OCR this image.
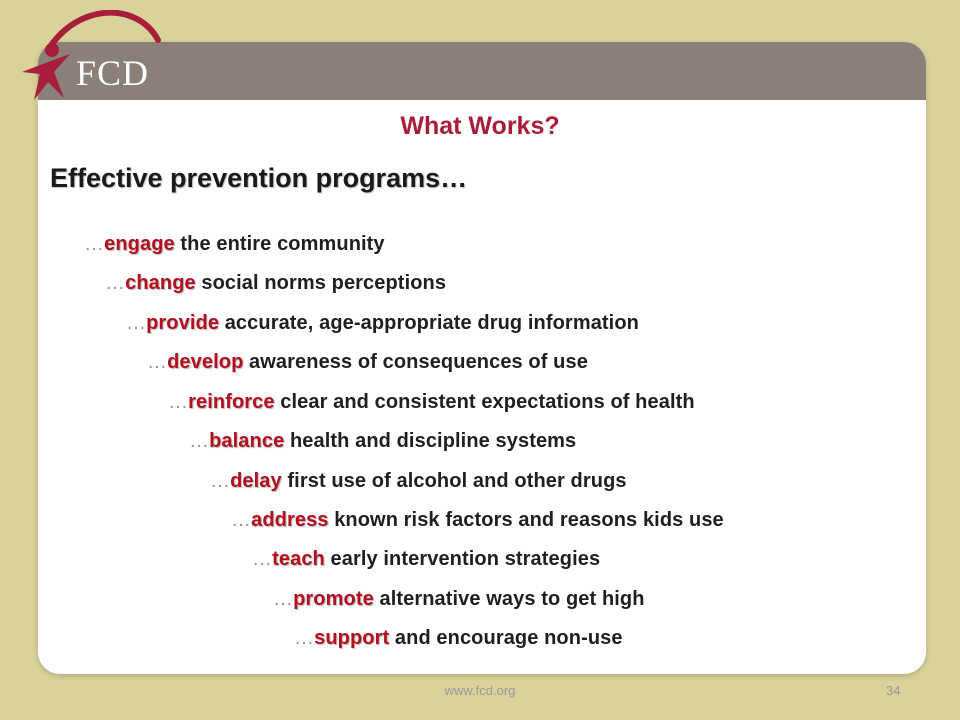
FCD
What Works?
Effective prevention programs…
…engage the entire community
…change social norms perceptions
…provide accurate, age-appropriate drug information
…develop awareness of consequences of use
…reinforce clear and consistent expectations of health
…balance health and discipline systems
…delay first use of alcohol and other drugs
…address known risk factors and reasons kids use
…teach early intervention strategies
…promote alternative ways to get high
…support and encourage non-use
www.fcd.org	34
